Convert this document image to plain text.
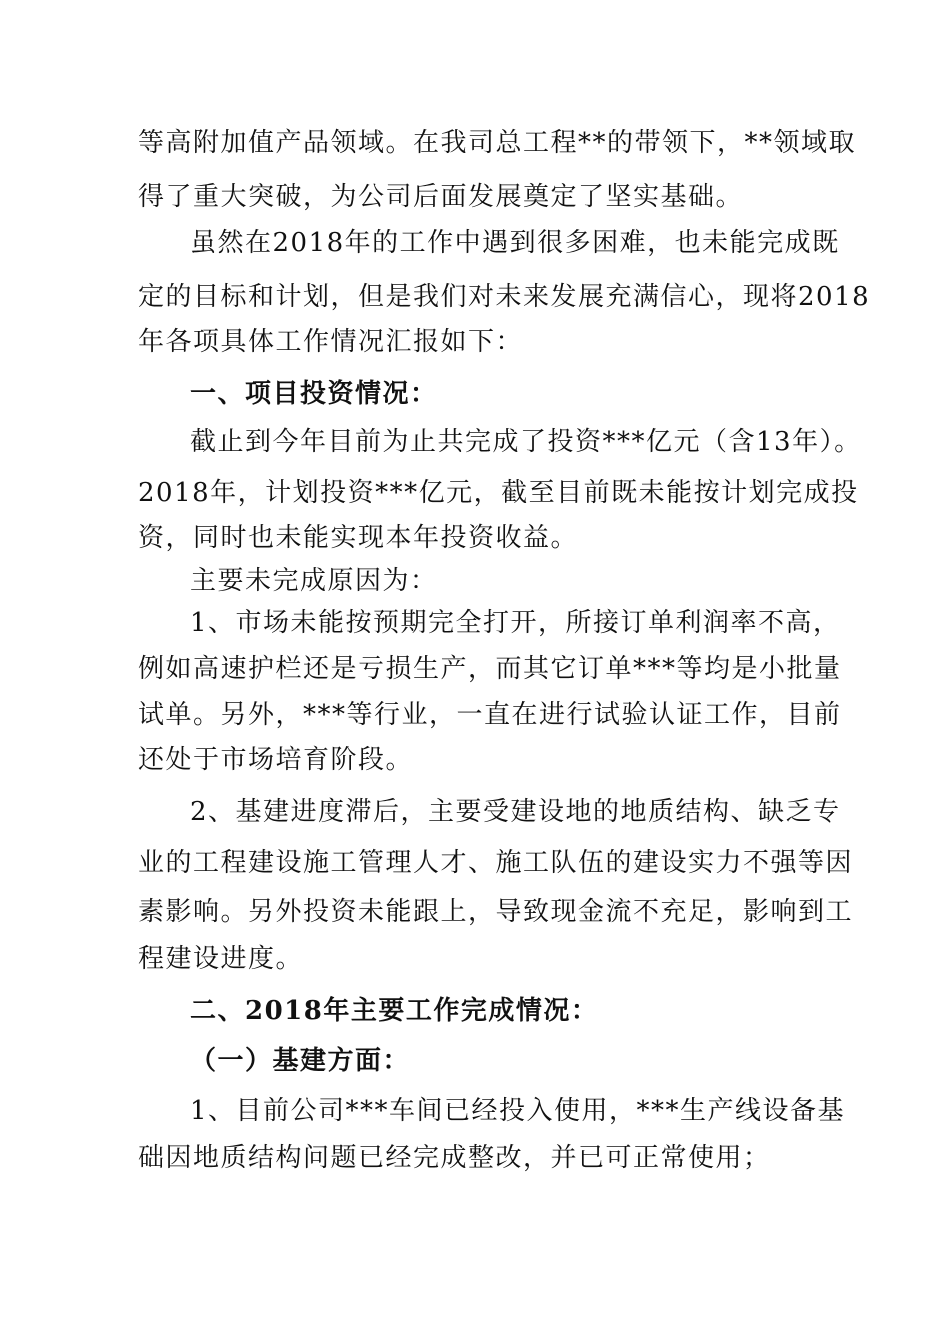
等高附加值产品领域。在我司总工程**的带领下，**领域取
得了重大突破，为公司后面发展奠定了坚实基础。
虽然在2018年的工作中遇到很多困难，也未能完成既
定的目标和计划，但是我们对未来发展充满信心，现将2018
年各项具体工作情况汇报如下：
一、项目投资情况：
截止到今年目前为止共完成了投资***亿元（含13年）。
2018年，计划投资***亿元，截至目前既未能按计划完成投
资，同时也未能实现本年投资收益。
主要未完成原因为：
1、市场未能按预期完全打开，所接订单利润率不高，
例如高速护栏还是亏损生产，而其它订单***等均是小批量
试单。另外，***等行业，一直在进行试验认证工作，目前
还处于市场培育阶段。
2、基建进度滞后，主要受建设地的地质结构、缺乏专
业的工程建设施工管理人才、施工队伍的建设实力不强等因
素影响。另外投资未能跟上，导致现金流不充足，影响到工
程建设进度。
二、2018年主要工作完成情况：
（一）基建方面：
1、目前公司***车间已经投入使用，***生产线设备基
础因地质结构问题已经完成整改，并已可正常使用；
